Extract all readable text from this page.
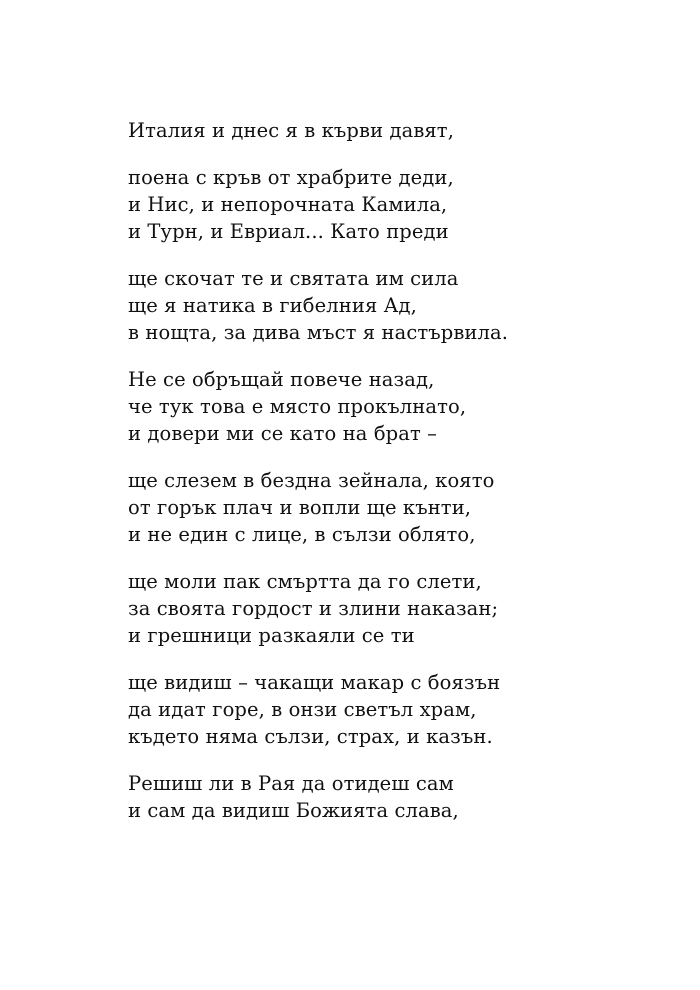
Италия и днес я в кърви давят,
поена с кръв от храбрите деди,
и Нис, и непорочната Камила,
и Турн, и Евриал... Като преди
ще скочат те и святата им сила
ще я натика в гибелния Ад,
в нощта, за дива мъст я настървила.
Не се обръщай повече назад,
че тук това е място прокълнато,
и довери ми се като на брат –
ще слезем в бездна зейнала, която
от горък плач и вопли ще кънти,
и не един с лице, в сълзи облято,
ще моли пак смъртта да го слети,
за своята гордост и злини наказан;
и грешници разкаяли се ти
ще видиш – чакащи макар с боязън
да идат горе, в онзи светъл храм,
където няма сълзи, страх, и казън.
Решиш ли в Рая да отидеш сам
и сам да видиш Божията слава,
